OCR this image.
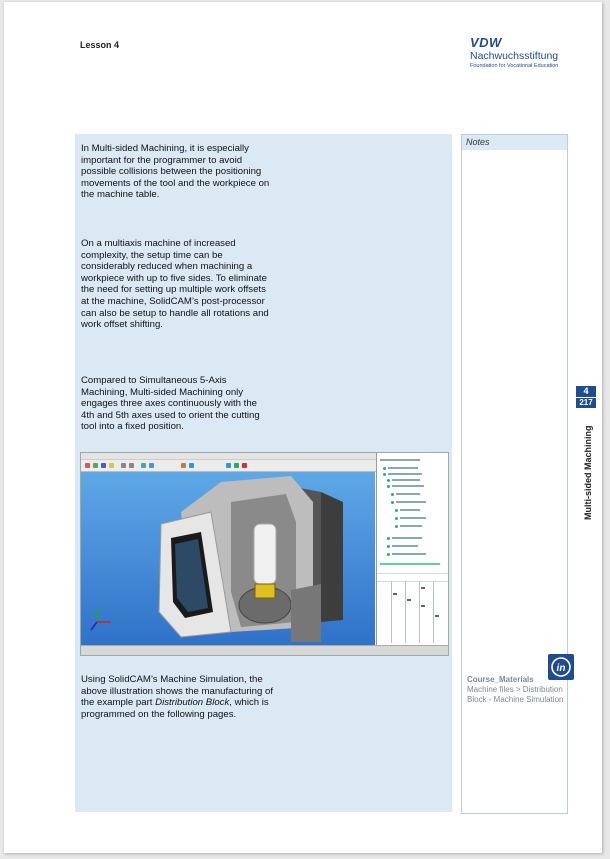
Lesson 4	VDW
Nachwuchsstiftung
Foundation for Vocational Education

In Multi-sided Machining, it is especially important for the programmer to avoid possible collisions between the positioning movements of the tool and the workpiece on the machine table.

On a multiaxis machine of increased complexity, the setup time can be considerably reduced when machining a workpiece with up to five sides. To eliminate the need for setting up multiple work offsets at the machine, SolidCAM’s post-processor can also be setup to handle all rotations and work offset shifting.

Compared to Simultaneous 5-Axis Machining, Multi-sided Machining only engages three axes continuously with the 4th and 5th axes used to orient the cutting tool into a fixed position.

Using SolidCAM’s Machine Simulation, the above illustration shows the manufacturing of the example part Distribution Block, which is programmed on the following pages.

Notes
in
Course_Materials
Machine files > Distribution
Block - Machine Simulation
4
217
Multi-sided Machining
